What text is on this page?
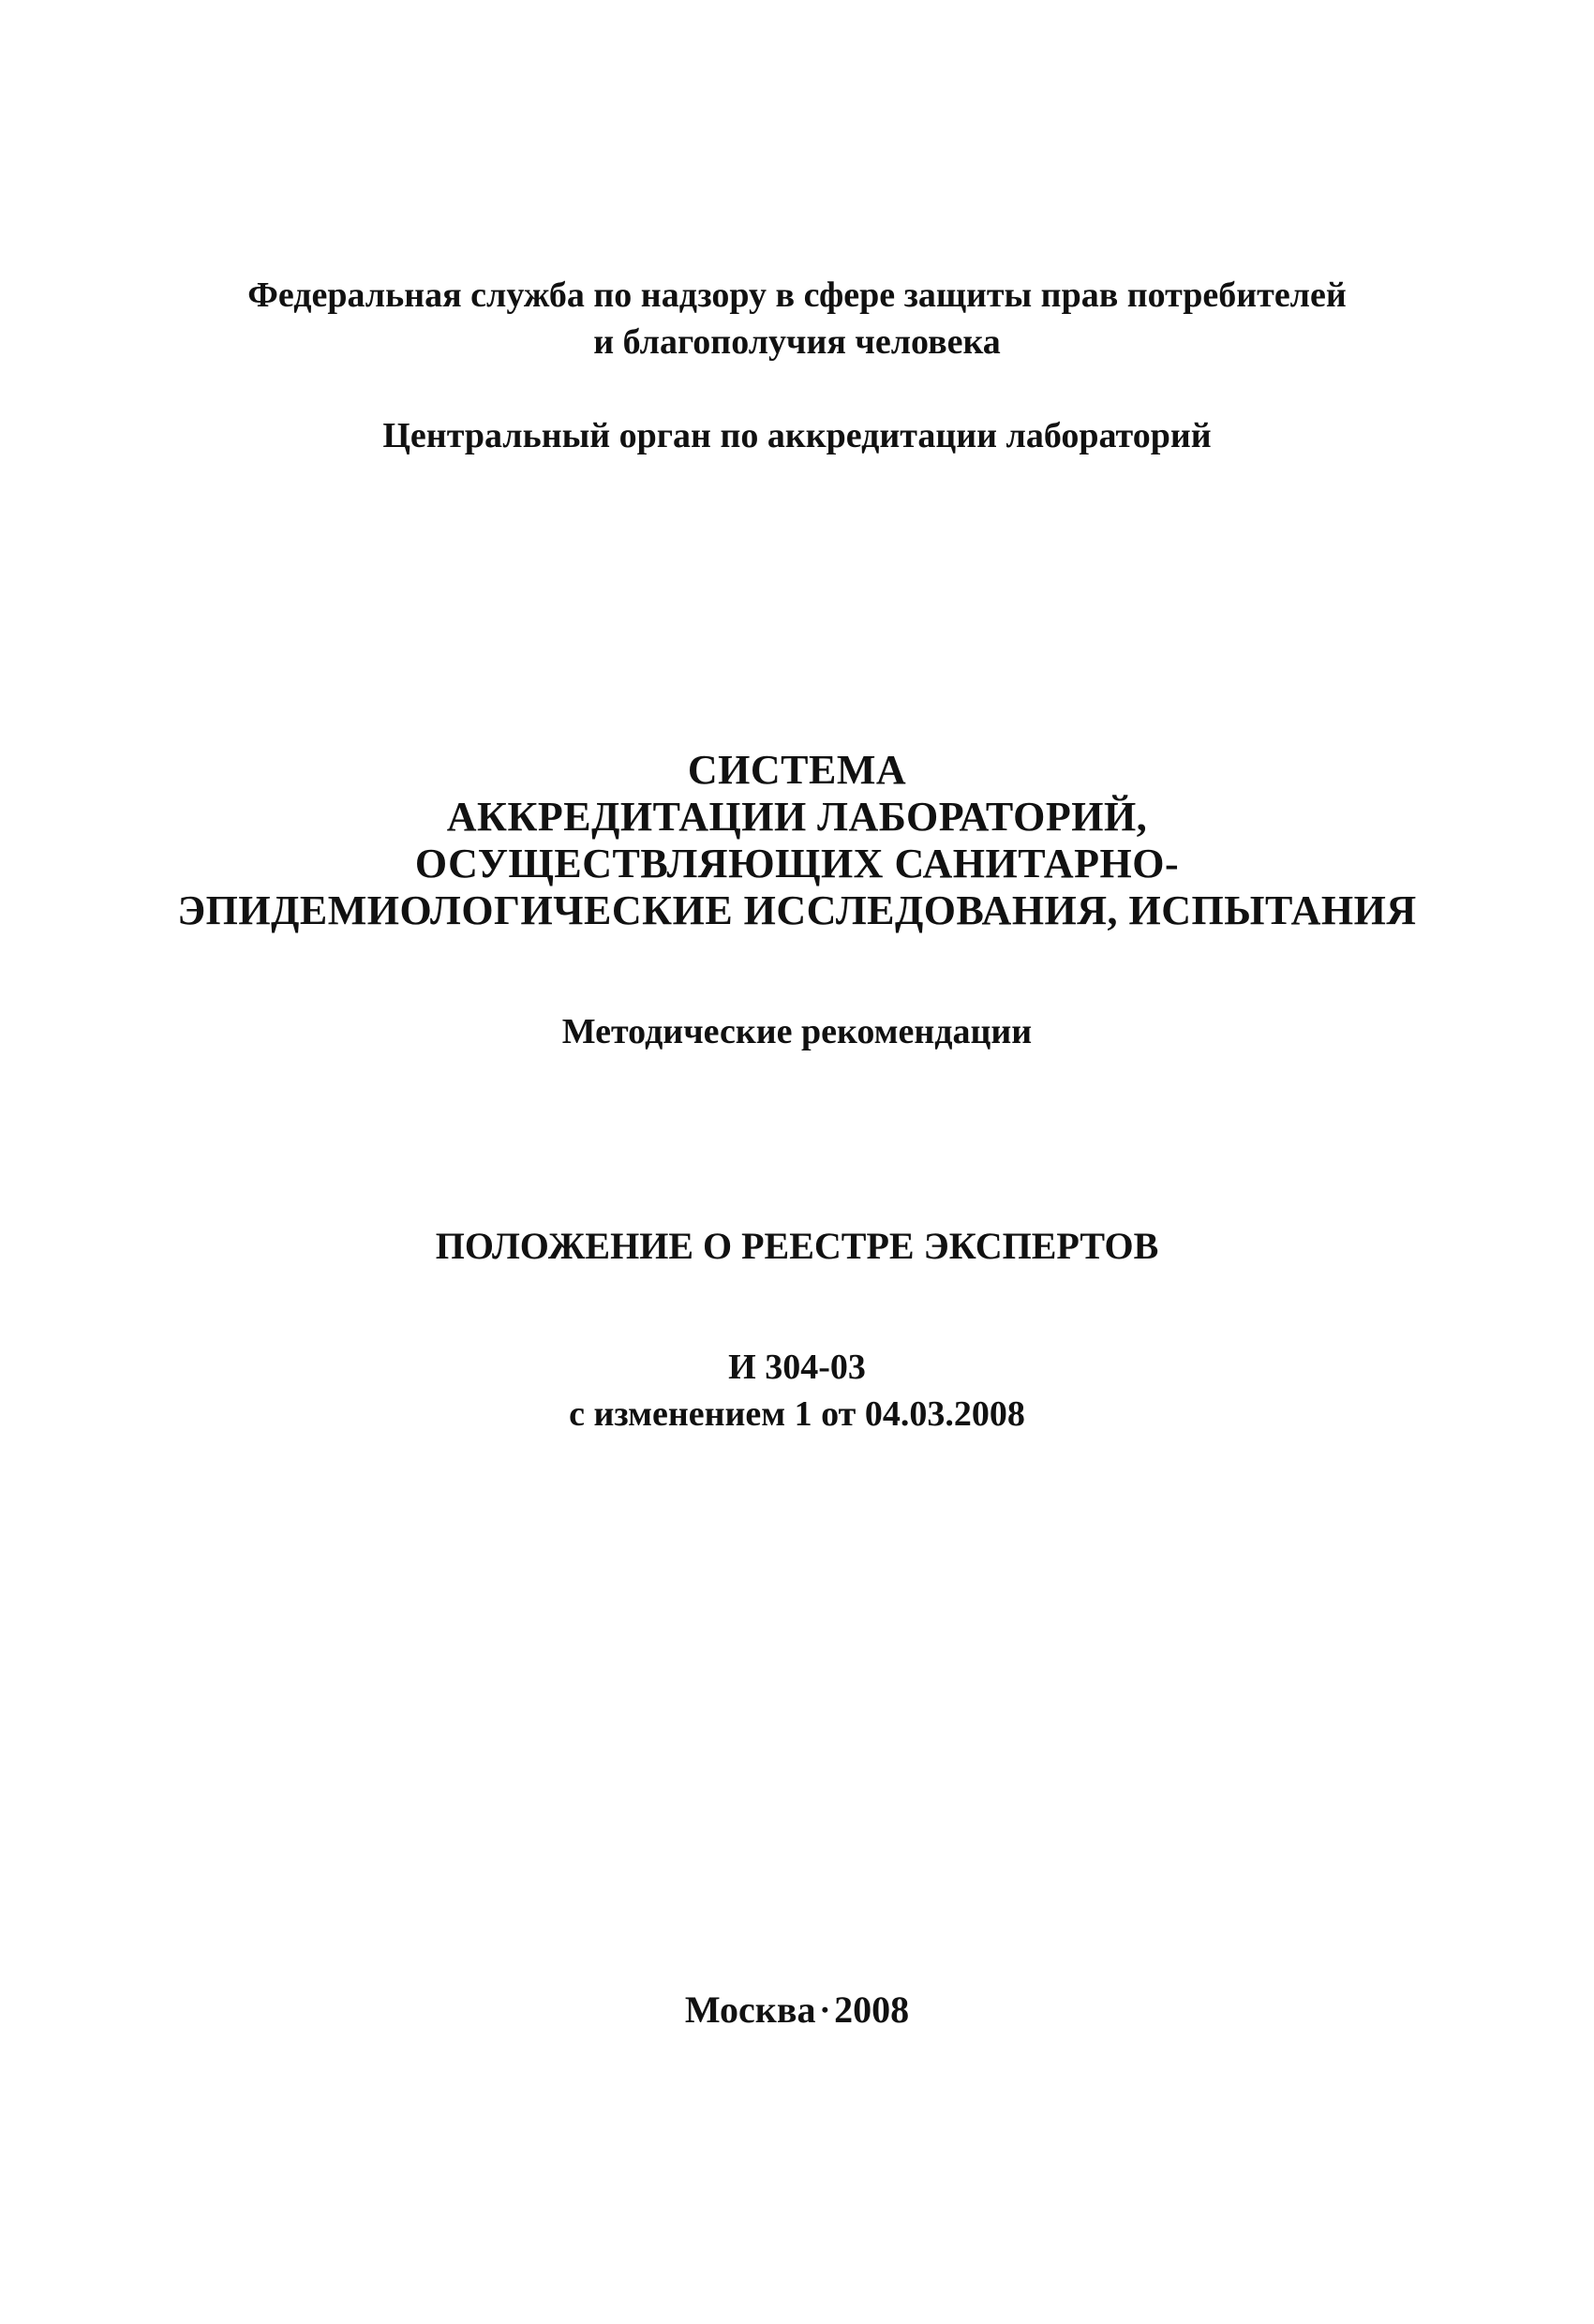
Федеральная служба по надзору в сфере защиты прав потребителей
и благополучия человека
Центральный орган по аккредитации лабораторий
СИСТЕМА
АККРЕДИТАЦИИ ЛАБОРАТОРИЙ,
ОСУЩЕСТВЛЯЮЩИХ САНИТАРНО-
ЭПИДЕМИОЛОГИЧЕСКИЕ ИССЛЕДОВАНИЯ, ИСПЫТАНИЯ
Методические рекомендации
ПОЛОЖЕНИЕ О РЕЕСТРЕ ЭКСПЕРТОВ
И 304-03
с изменением 1 от 04.03.2008
Москва • 2008
